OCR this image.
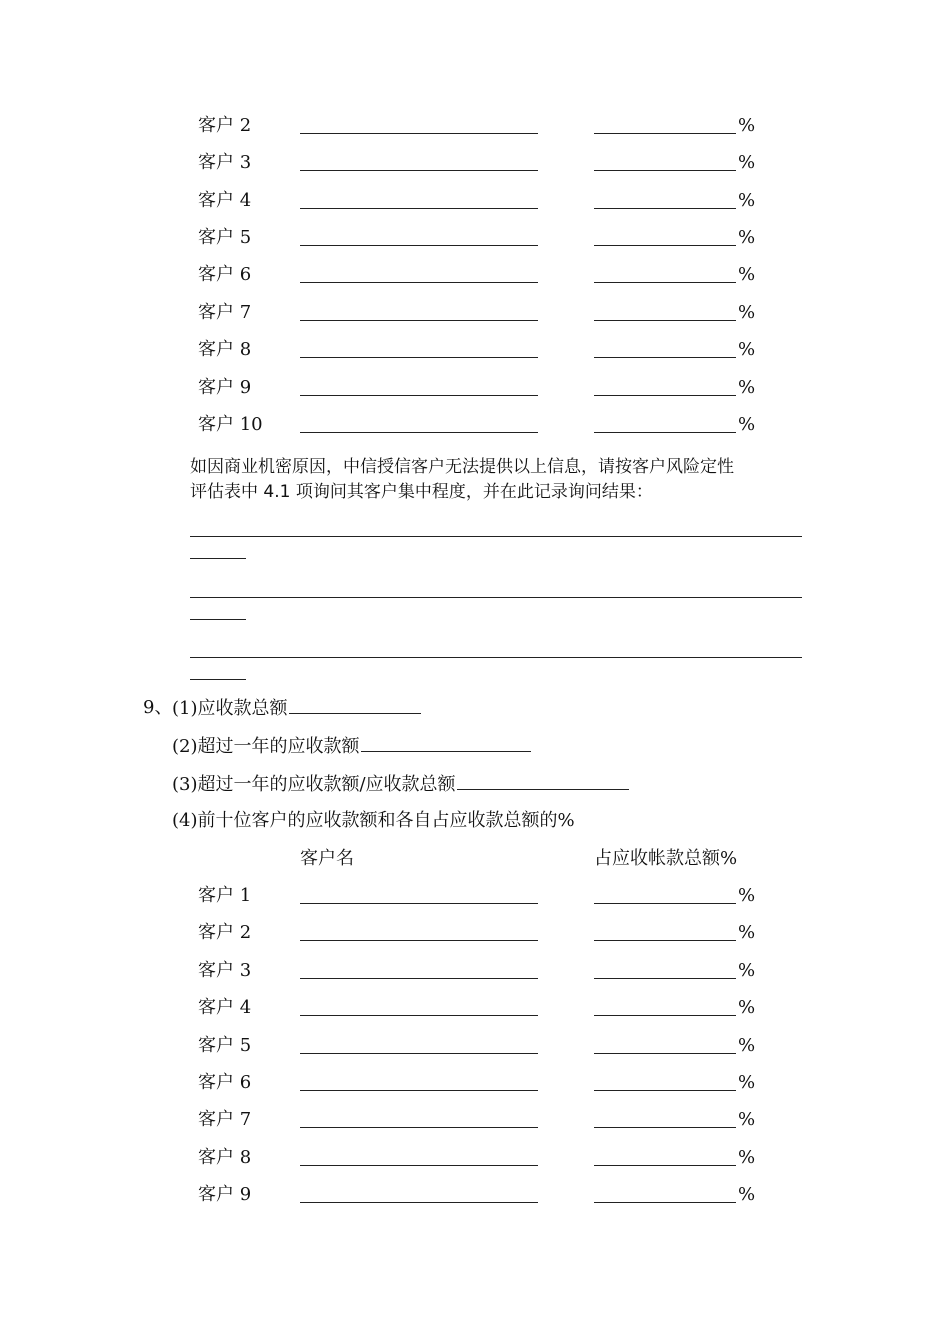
客户 2	%
客户 3	%
客户 4	%
客户 5	%
客户 6	%
客户 7	%
客户 8	%
客户 9	%
客户 10	%
如因商业机密原因，中信授信客户无法提供以上信息，请按客户风险定性
评估表中 4.1 项询问其客户集中程度，并在此记录询问结果：
9、 (1)应收款总额
(2)超过一年的应收款额
(3)超过一年的应收款额/应收款总额
(4)前十位客户的应收款额和各自占应收款总额的%
客户名	占应收帐款总额%
客户 1	%
客户 2	%
客户 3	%
客户 4	%
客户 5	%
客户 6	%
客户 7	%
客户 8	%
客户 9	%
